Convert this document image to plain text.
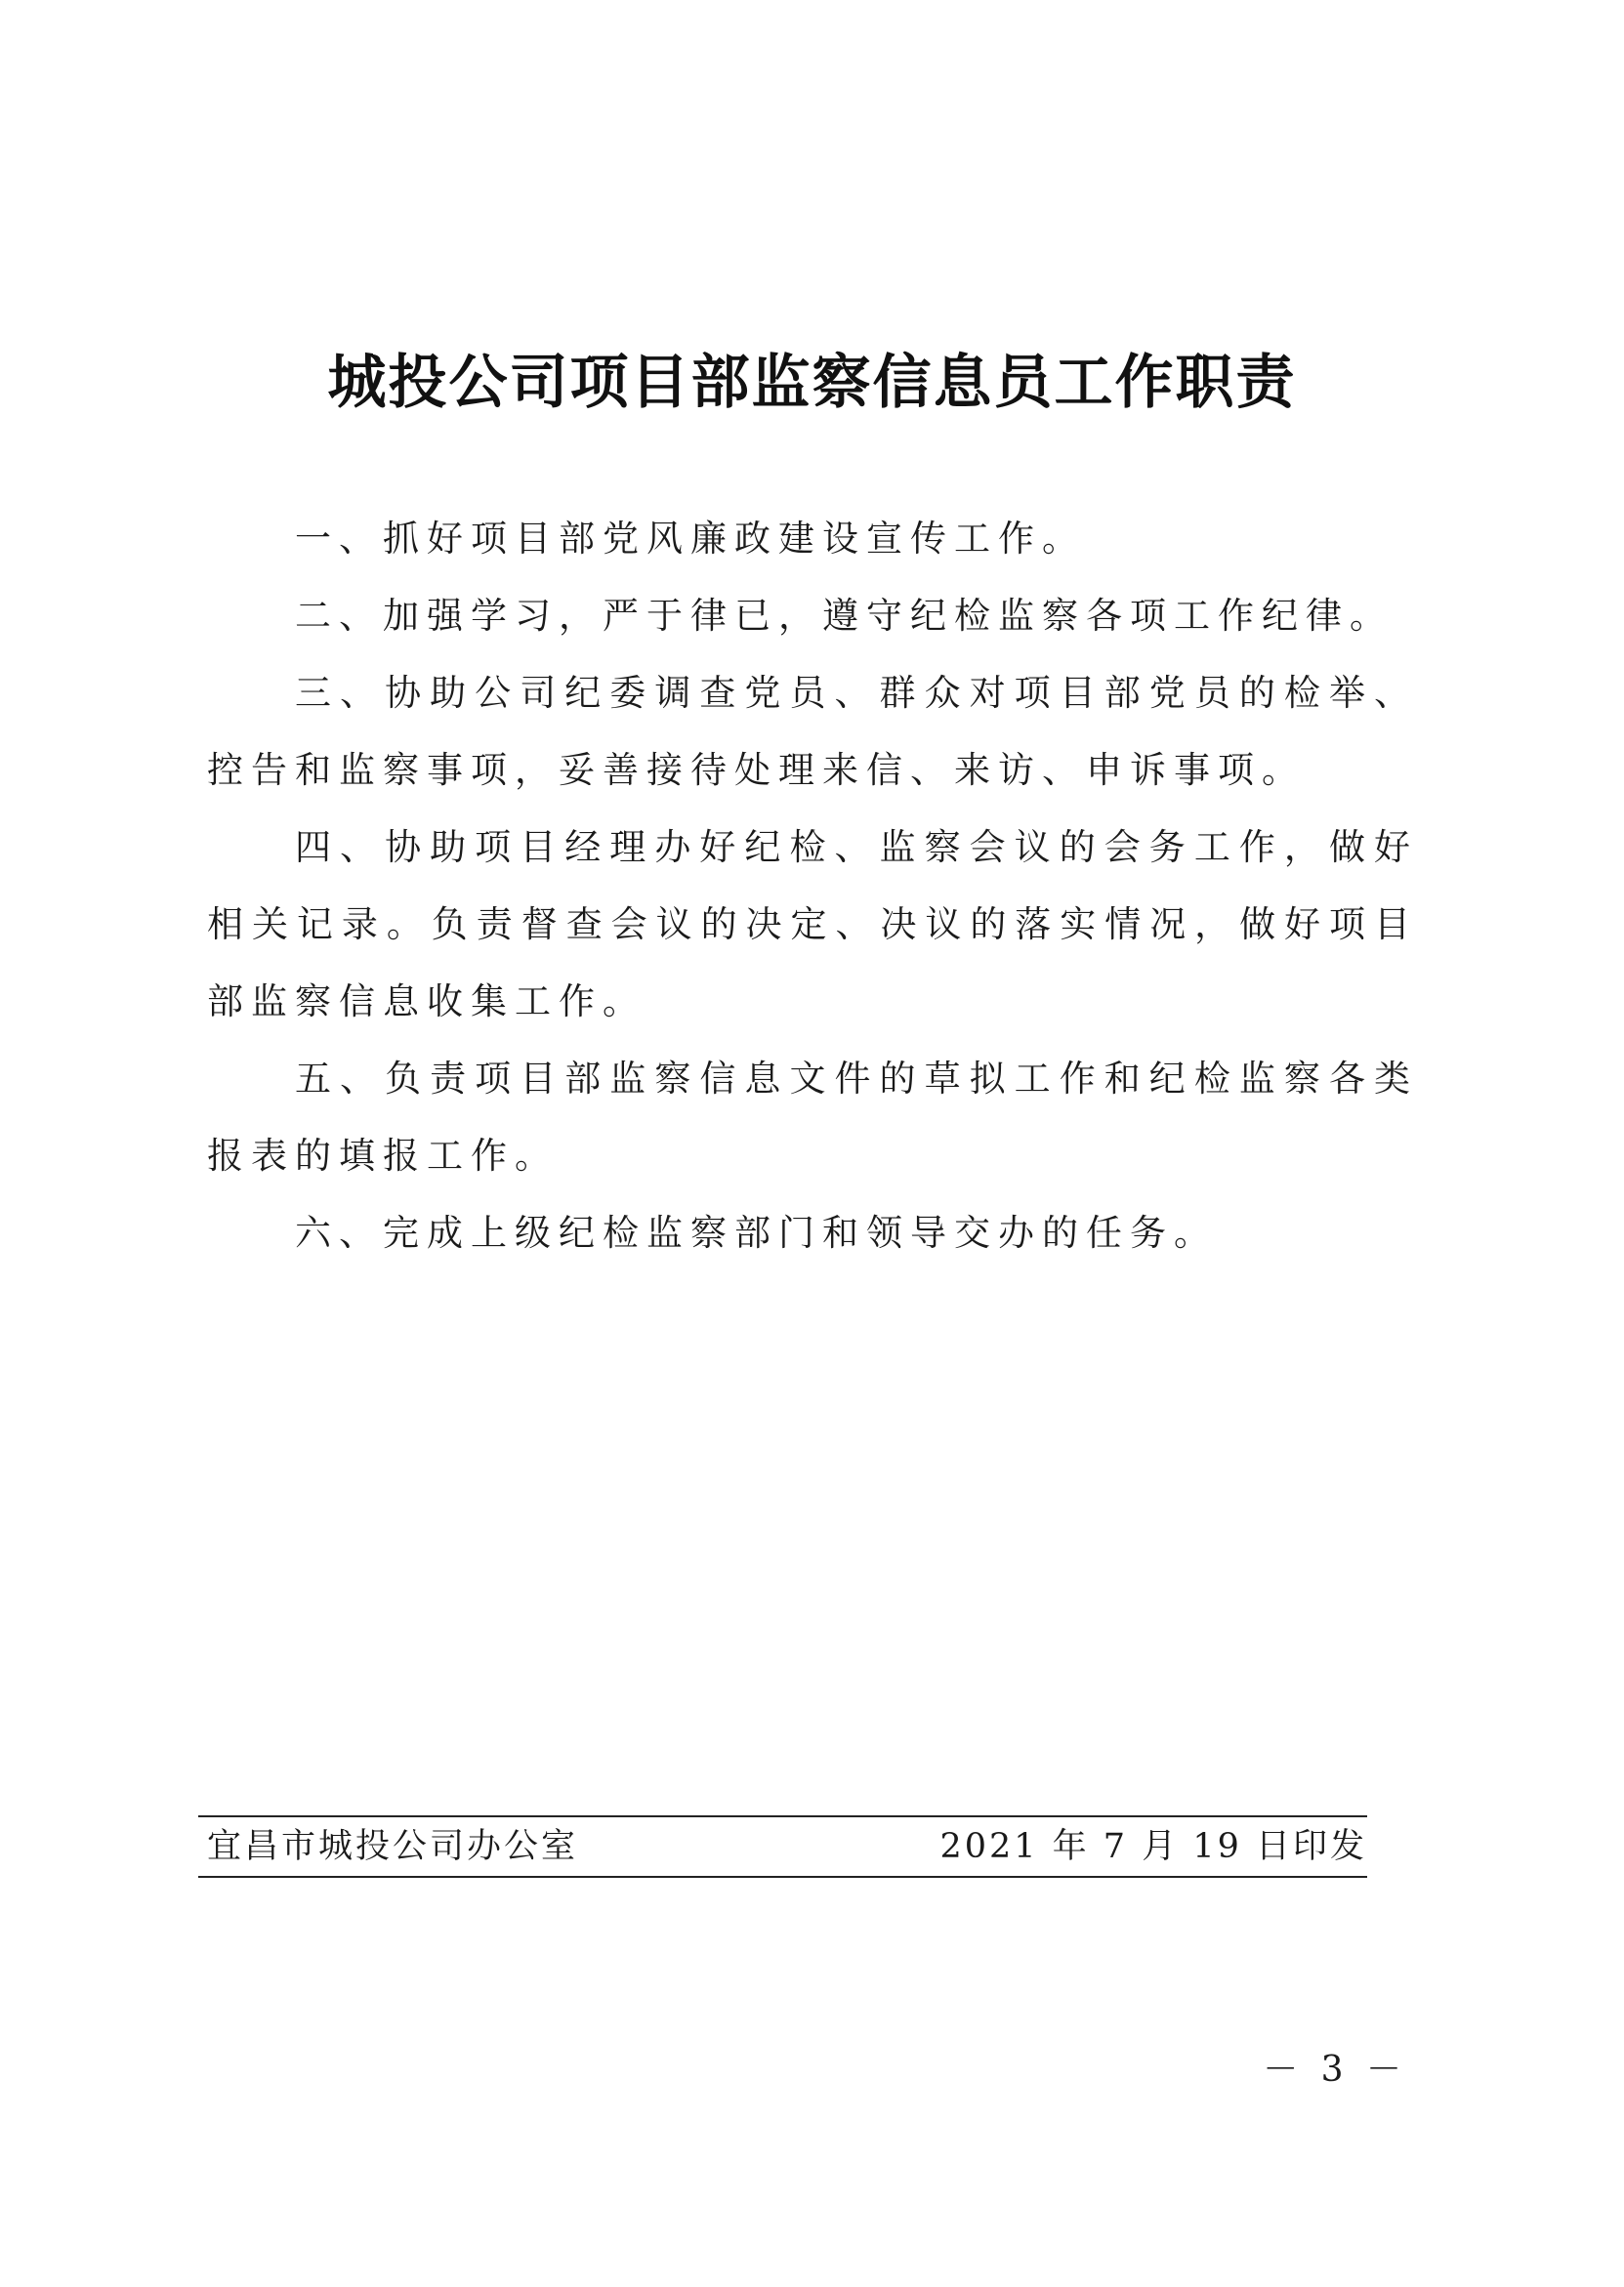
城投公司项目部监察信息员工作职责

一、抓好项目部党风廉政建设宣传工作。

二、加强学习，严于律已，遵守纪检监察各项工作纪律。

三、协助公司纪委调查党员、群众对项目部党员的检举、控告和监察事项，妥善接待处理来信、来访、申诉事项。

四、协助项目经理办好纪检、监察会议的会务工作，做好相关记录。负责督查会议的决定、决议的落实情况，做好项目部监察信息收集工作。

五、负责项目部监察信息文件的草拟工作和纪检监察各类报表的填报工作。

六、完成上级纪检监察部门和领导交办的任务。

宜昌市城投公司办公室	2021 年 7 月 19 日印发
－ 3 －
